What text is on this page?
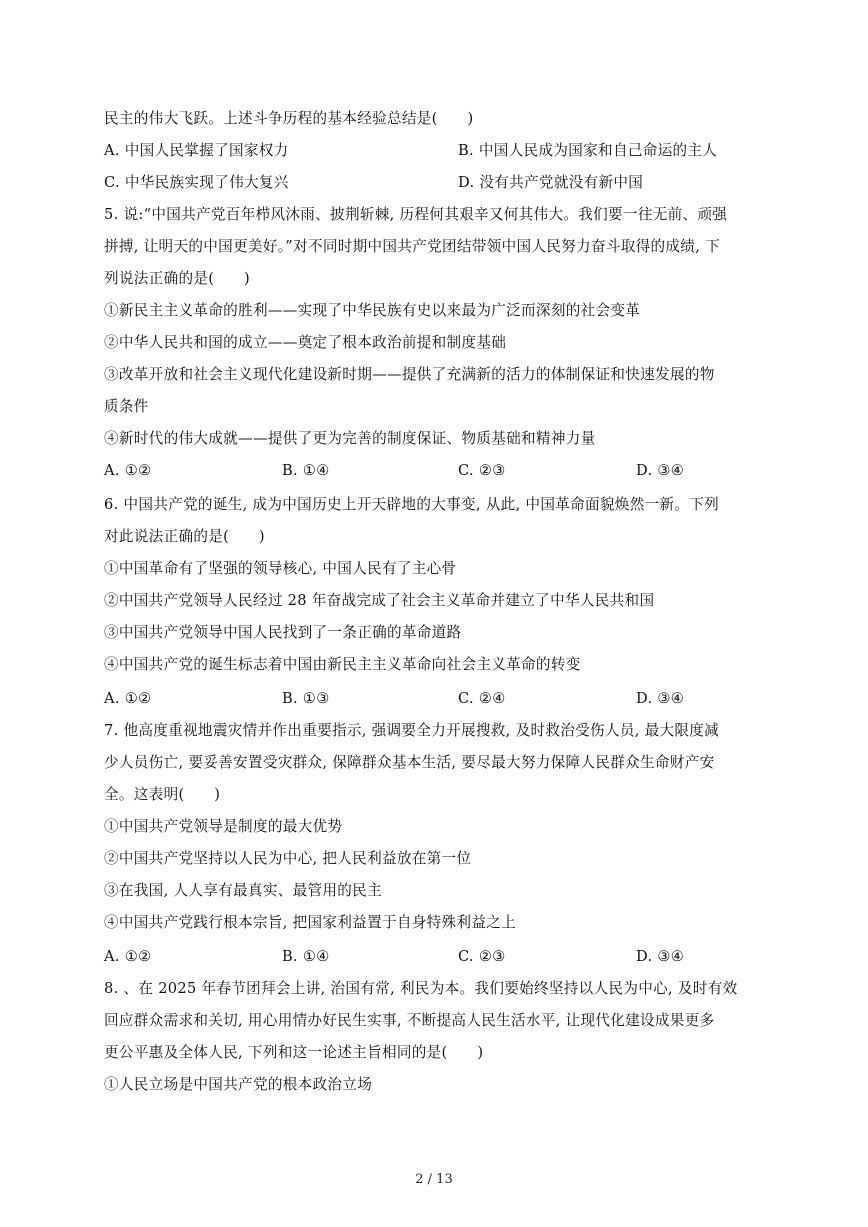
民主的伟大飞跃。上述斗争历程的基本经验总结是(　　)
A. 中国人民掌握了国家权力	B. 中国人民成为国家和自己命运的主人
C. 中华民族实现了伟大复兴	D. 没有共产党就没有新中国
5. 说:“中国共产党百年栉风沐雨、披荆斩棘, 历程何其艰辛又何其伟大。我们要一往无前、顽强
拼搏, 让明天的中国更美好。”对不同时期中国共产党团结带领中国人民努力奋斗取得的成绩, 下
列说法正确的是(　　)
①新民主主义革命的胜利——实现了中华民族有史以来最为广泛而深刻的社会变革
②中华人民共和国的成立——奠定了根本政治前提和制度基础
③改革开放和社会主义现代化建设新时期——提供了充满新的活力的体制保证和快速发展的物
质条件
④新时代的伟大成就——提供了更为完善的制度保证、物质基础和精神力量
A. ①②	B. ①④	C. ②③	D. ③④
6. 中国共产党的诞生, 成为中国历史上开天辟地的大事变, 从此, 中国革命面貌焕然一新。下列
对此说法正确的是(　　)
①中国革命有了坚强的领导核心, 中国人民有了主心骨
②中国共产党领导人民经过 28 年奋战完成了社会主义革命并建立了中华人民共和国
③中国共产党领导中国人民找到了一条正确的革命道路
④中国共产党的诞生标志着中国由新民主主义革命向社会主义革命的转变
A. ①②	B. ①③	C. ②④	D. ③④
7. 他高度重视地震灾情并作出重要指示, 强调要全力开展搜救, 及时救治受伤人员, 最大限度减
少人员伤亡, 要妥善安置受灾群众, 保障群众基本生活, 要尽最大努力保障人民群众生命财产安
全。这表明(　　)
①中国共产党领导是制度的最大优势
②中国共产党坚持以人民为中心, 把人民利益放在第一位
③在我国, 人人享有最真实、最管用的民主
④中国共产党践行根本宗旨, 把国家利益置于自身特殊利益之上
A. ①②	B. ①④	C. ②③	D. ③④
8. 、在 2025 年春节团拜会上讲, 治国有常, 利民为本。我们要始终坚持以人民为中心, 及时有效
回应群众需求和关切, 用心用情办好民生实事, 不断提高人民生活水平, 让现代化建设成果更多
更公平惠及全体人民, 下列和这一论述主旨相同的是(　　)
①人民立场是中国共产党的根本政治立场
2 / 13
